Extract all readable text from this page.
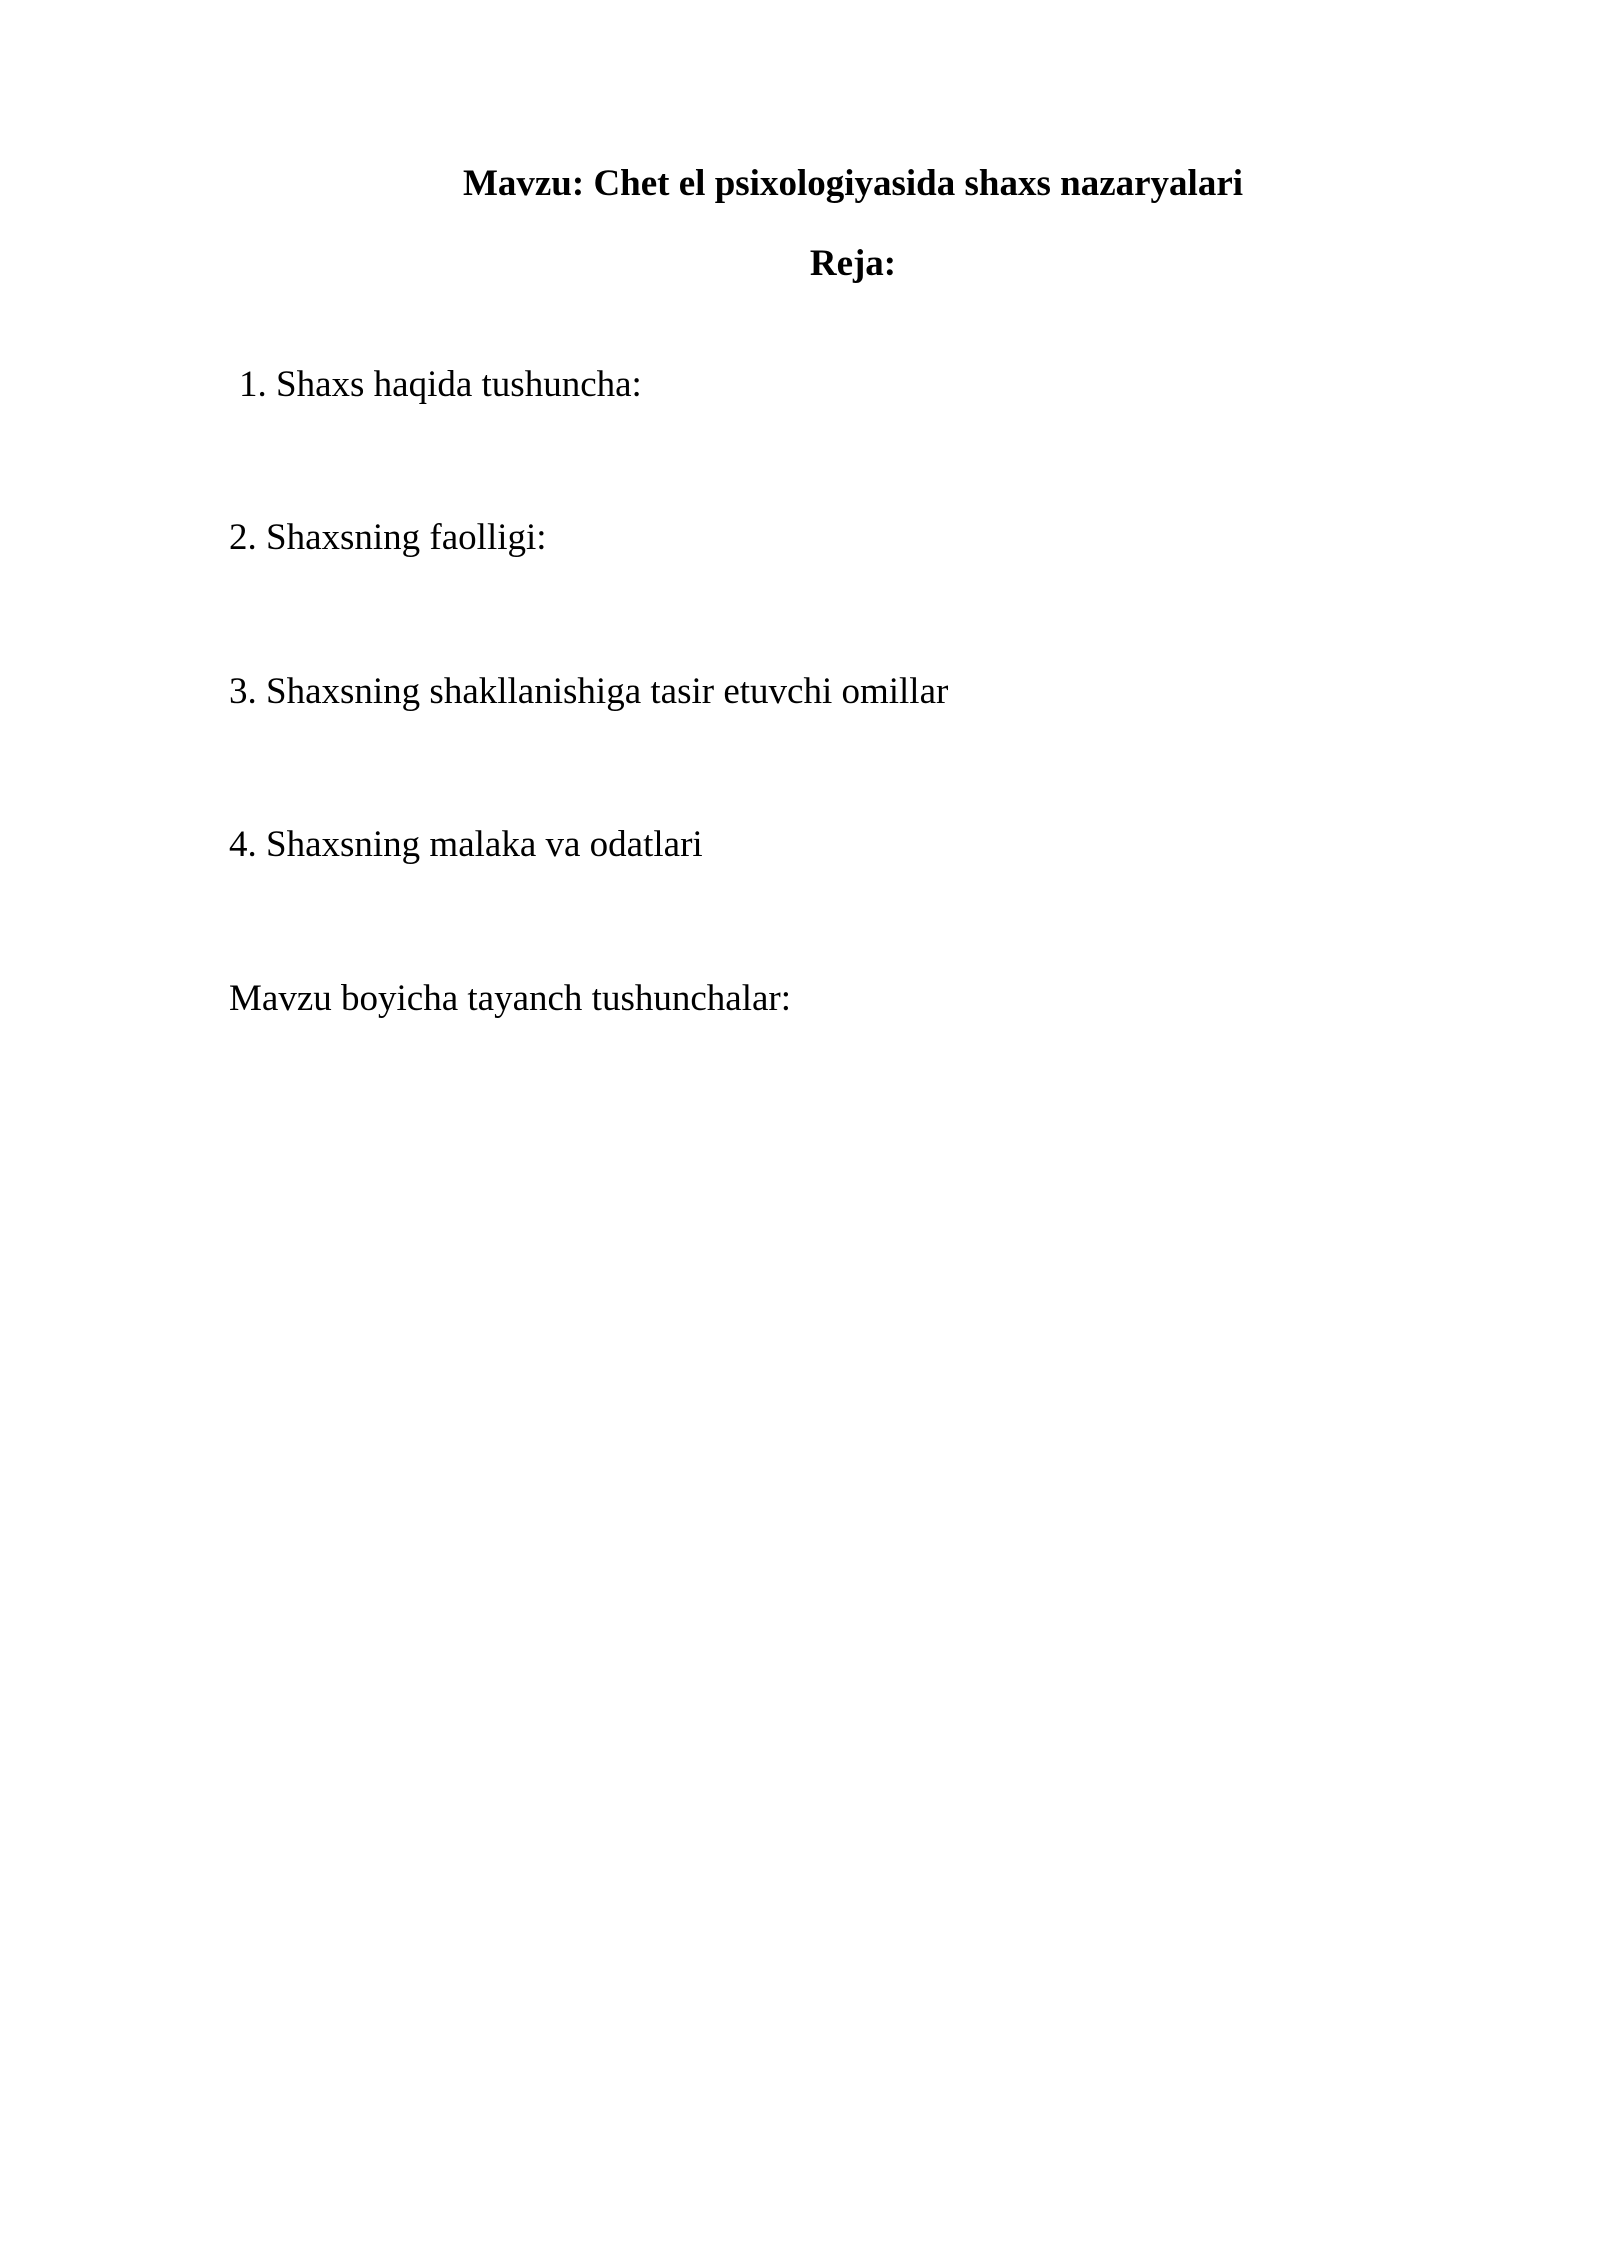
Mavzu: Chet el psixologiyasida shaxs nazaryalari
Reja:

1. Shaxs haqida tushuncha:

2. Shaxsning faolligi:

3. Shaxsning shakllanishiga tasir etuvchi omillar

4. Shaxsning malaka va odatlari

Mavzu boyicha tayanch tushunchalar:
